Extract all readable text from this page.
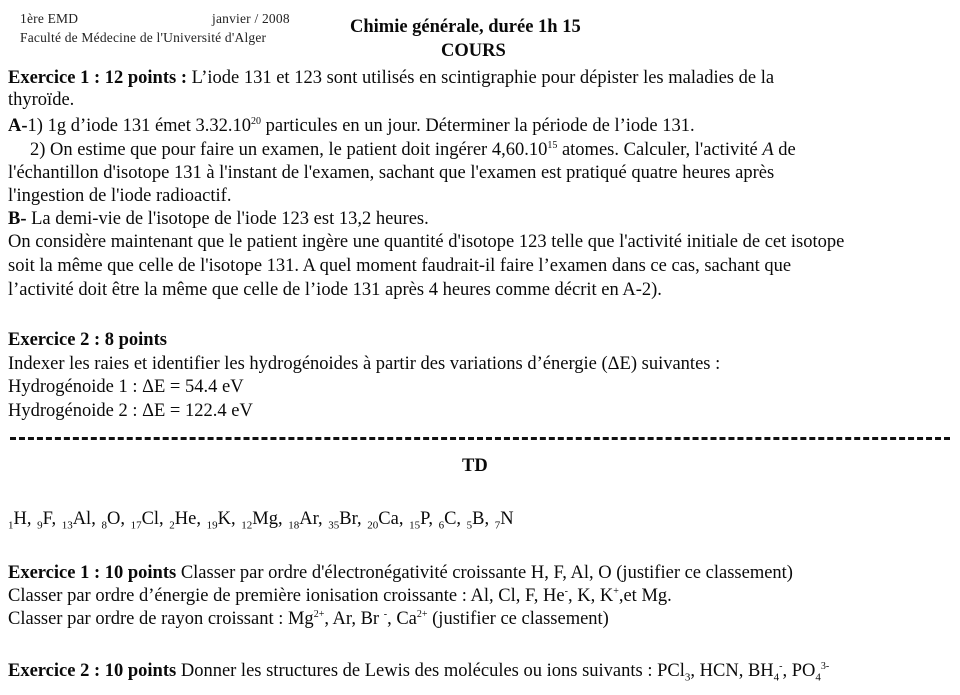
1ère EMD	janvier / 2008
Faculté de Médecine de l'Université d'Alger
Chimie générale, durée 1h 15
COURS
Exercice 1 : 12 points : L’iode 131 et 123 sont utilisés en scintigraphie pour dépister les maladies de la
thyroïde.
A-1) 1g d’iode 131 émet 3.32.10$^{20}$ particules en un jour. Déterminer la période de l’iode 131.
2) On estime que pour faire un examen, le patient doit ingérer 4,60.10$^{15}$ atomes. Calculer, l'activité A de
l'échantillon d'isotope 131 à l'instant de l'examen, sachant que l'examen est pratiqué quatre heures après
l'ingestion de l'iode radioactif.
B- La demi-vie de l'isotope de l'iode 123 est 13,2 heures.
On considère maintenant que le patient ingère une quantité d'isotope 123 telle que l'activité initiale de cet isotope
soit la même que celle de l'isotope 131. A quel moment faudrait-il faire l’examen dans ce cas, sachant que
l’activité doit être la même que celle de l’iode 131 après 4 heures comme décrit en A-2).
Exercice 2 : 8 points
Indexer les raies et identifier les hydrogénoides à partir des variations d’énergie (ΔE) suivantes :
Hydrogénoide 1 : ΔE = 54.4 eV
Hydrogénoide 2 : ΔE = 122.4 eV
TD
$_1$H, $_9$F, $_{13}$Al, $_8$O, $_{17}$Cl, $_2$He, $_{19}$K, $_{12}$Mg, $_{18}$Ar, $_{35}$Br, $_{20}$Ca, $_{15}$P, $_6$C, $_5$B, $_7$N
Exercice 1 : 10 points Classer par ordre d'électronégativité croissante H, F, Al, O (justifier ce classement)
Classer par ordre d’énergie de première ionisation croissante : Al, Cl, F, He-, K, K+,et Mg.
Classer par ordre de rayon croissant : $Mg^{2+}$, Ar, Br -, $Ca^{2+}$ (justifier ce classement)
Exercice 2 : 10 points Donner les structures de Lewis des molécules ou ions suivants : PCl$_3$, HCN, $BH_4^-$, $PO_4^{3-}$
